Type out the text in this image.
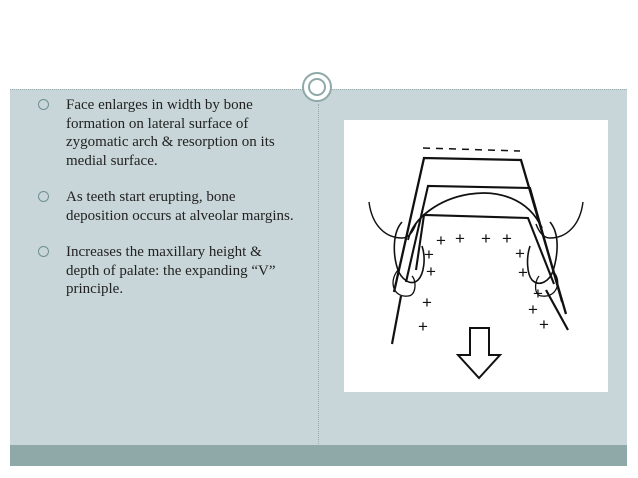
Face enlarges in width by bone formation on lateral surface of zygomatic arch & resorption on its medial surface.
As teeth start erupting, bone deposition occurs at alveolar margins.
Increases the maxillary height & depth of palate: the expanding “V” principle.
+ + + +
+	+
+	+
+
+
+
+
+
